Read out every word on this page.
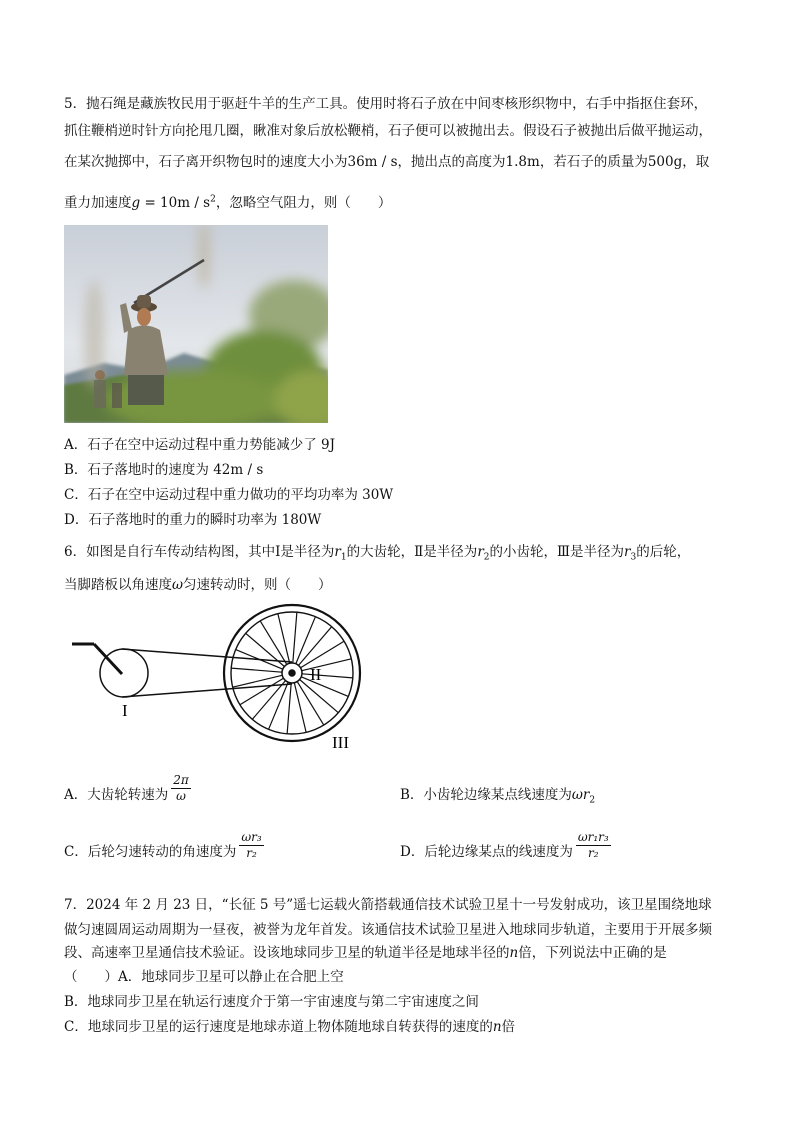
5．抛石绳是藏族牧民用于驱赶牛羊的生产工具。使用时将石子放在中间枣核形织物中，右手中指抠住套环，
抓住鞭梢逆时针方向抡甩几圈，瞅准对象后放松鞭梢，石子便可以被抛出去。假设石子被抛出后做平抛运动，
在某次抛掷中，石子离开织物包时的速度大小为36m / s，抛出点的高度为1.8m，若石子的质量为500g，取
重力加速度$g = 10m / s^2$，忽略空气阻力，则（　　）
A．石子在空中运动过程中重力势能减少了 9J
B．石子落地时的速度为 42m / s
C．石子在空中运动过程中重力做功的平均功率为 30W
D．石子落地时的重力的瞬时功率为 180W
6．如图是自行车传动结构图，其中Ⅰ是半径为$r_1$的大齿轮，Ⅱ是半径为$r_2$的小齿轮，Ⅲ是半径为$r_3$的后轮，
当脚踏板以角速度ω匀速转动时，则（　　）
I
II
III
A．大齿轮转速为 $\frac{2\pi}{\omega}$	B．小齿轮边缘某点线速度为$\omega r_2$
C．后轮匀速转动的角速度为 $\frac{\text{ωr₃}}{\text{r₂}}$	D．后轮边缘某点的线速度为 $\frac{\text{ωr₁r₃}}{\text{r₂}}$
7．2024 年 2 月 23 日，“长征 5 号”遥七运载火箭搭载通信技术试验卫星十一号发射成功，该卫星围绕地球
做匀速圆周运动周期为一昼夜，被誉为龙年首发。该通信技术试验卫星进入地球同步轨道，主要用于开展多频
段、高速率卫星通信技术验证。设该地球同步卫星的轨道半径是地球半径的n倍，下列说法中正确的是
（　　）A．地球同步卫星可以静止在合肥上空
B．地球同步卫星在轨运行速度介于第一宇宙速度与第二宇宙速度之间
C．地球同步卫星的运行速度是地球赤道上物体随地球自转获得的速度的n倍
